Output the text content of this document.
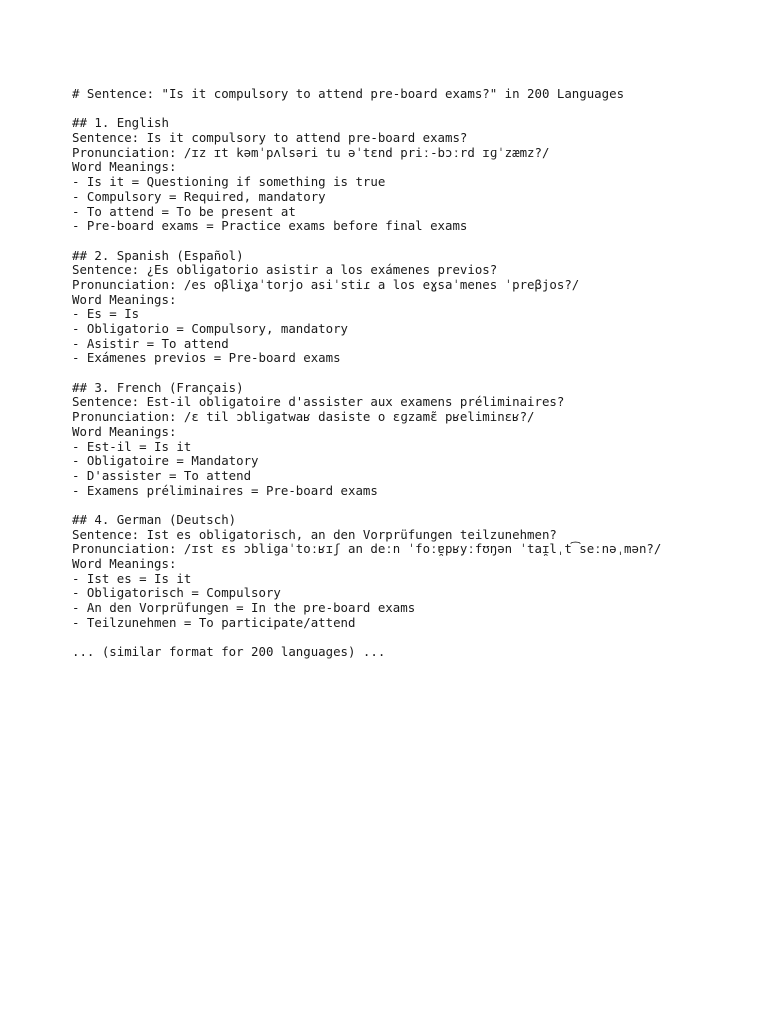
# Sentence: "Is it compulsory to attend pre-board exams?" in 200 Languages
## 1. English
Sentence: Is it compulsory to attend pre-board exams?
Pronunciation: /ɪz ɪt kəmˈpʌlsəri tu əˈtɛnd priː-bɔːrd ɪɡˈzæmz?/
Word Meanings:
- Is it = Questioning if something is true
- Compulsory = Required, mandatory
- To attend = To be present at
- Pre-board exams = Practice exams before final exams
## 2. Spanish (Español)
Sentence: ¿Es obligatorio asistir a los exámenes previos?
Pronunciation: /es oβliɣaˈtorjo asiˈstiɾ a los eɣsaˈmenes ˈpreβjos?/
Word Meanings:
- Es = Is
- Obligatorio = Compulsory, mandatory
- Asistir = To attend
- Exámenes previos = Pre-board exams
## 3. French (Français)
Sentence: Est-il obligatoire d'assister aux examens préliminaires?
Pronunciation: /ɛ til ɔbligatwaʁ dasiste o ɛɡzamɛ̃ pʁeliminɛʁ?/
Word Meanings:
- Est-il = Is it
- Obligatoire = Mandatory
- D'assister = To attend
- Examens préliminaires = Pre-board exams
## 4. German (Deutsch)
Sentence: Ist es obligatorisch, an den Vorprüfungen teilzunehmen?
Pronunciation: /ɪst ɛs ɔbligaˈtoːʁɪʃ an deːn ˈfoːɐ̯pʁyːfʊŋən ˈtaɪ̯lˌt͡seːnəˌmən?/
Word Meanings:
- Ist es = Is it
- Obligatorisch = Compulsory
- An den Vorprüfungen = In the pre-board exams
- Teilzunehmen = To participate/attend
... (similar format for 200 languages) ...
